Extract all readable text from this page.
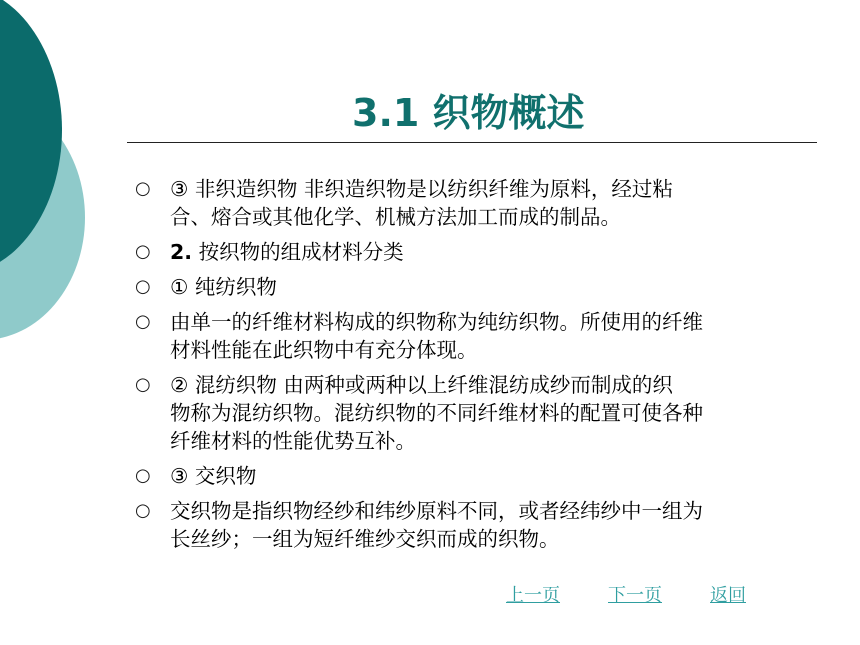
3.1 织物概述
○ ③ 非织造织物 非织造织物是以纺织纤维为原料，经过粘
合、熔合或其他化学、机械方法加工而成的制品。
○ 2. 按织物的组成材料分类
○ ① 纯纺织物
○ 由单一的纤维材料构成的织物称为纯纺织物。所使用的纤维
材料性能在此织物中有充分体现。
○ ② 混纺织物 由两种或两种以上纤维混纺成纱而制成的织
物称为混纺织物。混纺织物的不同纤维材料的配置可使各种
纤维材料的性能优势互补。
○ ③ 交织物
○ 交织物是指织物经纱和纬纱原料不同，或者经纬纱中一组为
长丝纱；一组为短纤维纱交织而成的织物。
上一页	下一页	返回
